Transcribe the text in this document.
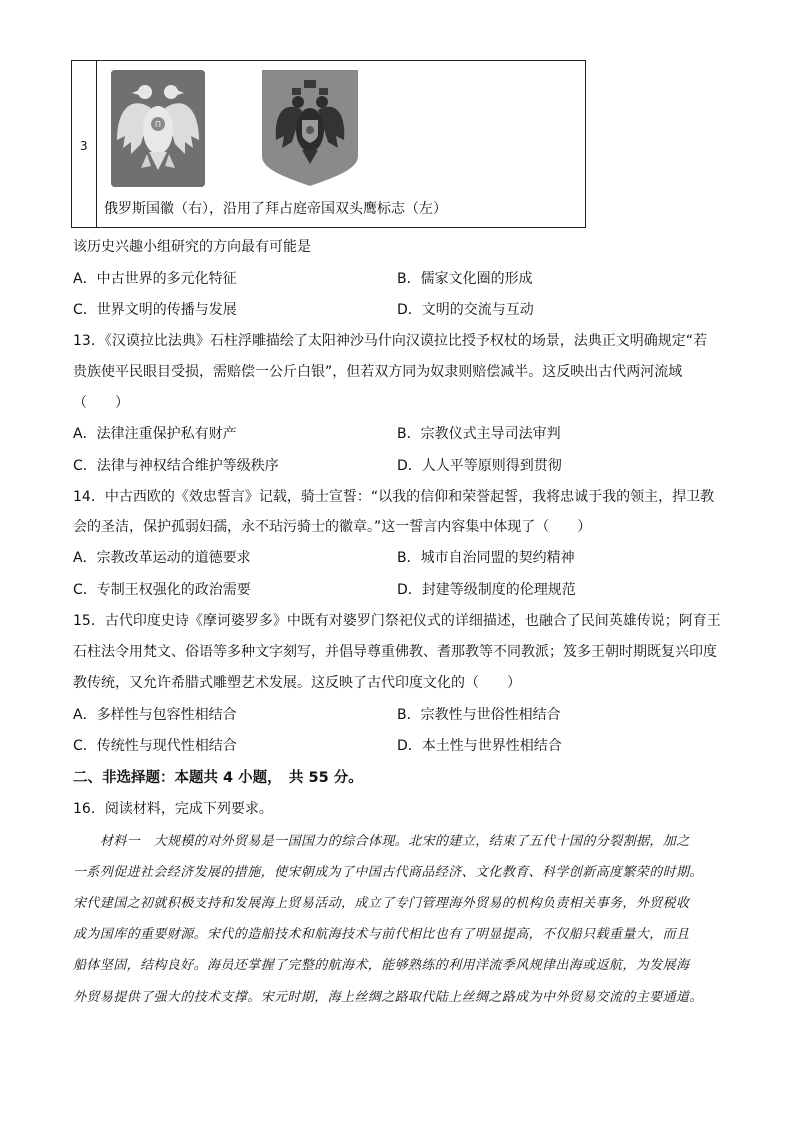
3
Π
俄罗斯国徽（右），沿用了拜占庭帝国双头鹰标志（左）
该历史兴趣小组研究的方向最有可能是
A．中古世界的多元化特征	B．儒家文化圈的形成
C．世界文明的传播与发展	D．文明的交流与互动
13．《汉谟拉比法典》石柱浮雕描绘了太阳神沙马什向汉谟拉比授予权杖的场景，法典正文明确规定“若
贵族使平民眼目受损，需赔偿一公斤白银”，但若双方同为奴隶则赔偿减半。这反映出古代两河流域
（　　）
A．法律注重保护私有财产	B．宗教仪式主导司法审判
C．法律与神权结合维护等级秩序	D．人人平等原则得到贯彻
14．中古西欧的《效忠誓言》记载，骑士宣誓：“以我的信仰和荣誉起誓，我将忠诚于我的领主，捍卫教
会的圣洁，保护孤弱妇孺，永不玷污骑士的徽章。”这一誓言内容集中体现了（　　）
A．宗教改革运动的道德要求	B．城市自治同盟的契约精神
C．专制王权强化的政治需要	D．封建等级制度的伦理规范
15．古代印度史诗《摩诃婆罗多》中既有对婆罗门祭祀仪式的详细描述，也融合了民间英雄传说；阿育王
石柱法令用梵文、俗语等多种文字刻写，并倡导尊重佛教、耆那教等不同教派；笈多王朝时期既复兴印度
教传统，又允许希腊式雕塑艺术发展。这反映了古代印度文化的（　　）
A．多样性与包容性相结合	B．宗教性与世俗性相结合
C．传统性与现代性相结合	D．本土性与世界性相结合
二、非选择题：本题共 4 小题，　共 55 分。
16．阅读材料，完成下列要求。
材料一　大规模的对外贸易是一国国力的综合体现。北宋的建立，结束了五代十国的分裂割据，加之
一系列促进社会经济发展的措施，使宋朝成为了中国古代商品经济、文化教育、科学创新高度繁荣的时期。
宋代建国之初就积极支持和发展海上贸易活动，成立了专门管理海外贸易的机构负责相关事务，外贸税收
成为国库的重要财源。宋代的造船技术和航海技术与前代相比也有了明显提高，不仅船只载重量大，而且
船体坚固，结构良好。海员还掌握了完整的航海术，能够熟练的利用洋流季风规律出海或返航，为发展海
外贸易提供了强大的技术支撑。宋元时期，海上丝绸之路取代陆上丝绸之路成为中外贸易交流的主要通道。
